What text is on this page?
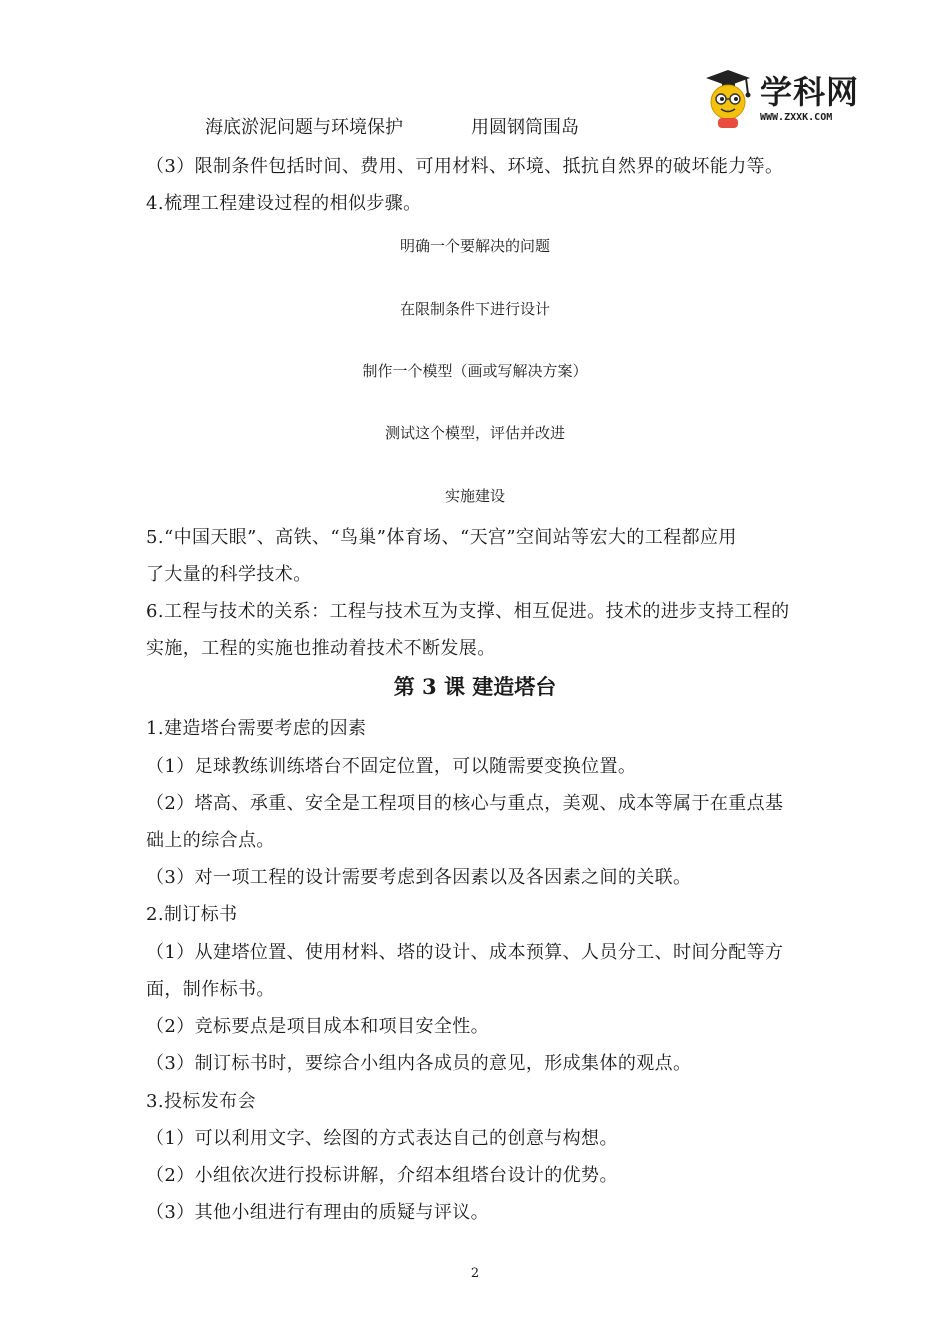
学科网
WWW.ZXXK.COM
海底淤泥问题与环境保护	用圆钢筒围岛
（3）限制条件包括时间、费用、可用材料、环境、抵抗自然界的破坏能力等。
4.梳理工程建设过程的相似步骤。
明确一个要解决的问题
在限制条件下进行设计
制作一个模型（画或写解决方案）
测试这个模型，评估并改进
实施建设
5.“中国天眼”、高铁、“鸟巢”体育场、“天宫”空间站等宏大的工程都应用
了大量的科学技术。
6.工程与技术的关系：工程与技术互为支撑、相互促进。技术的进步支持工程的
实施，工程的实施也推动着技术不断发展。
第 3 课 建造塔台
1.建造塔台需要考虑的因素
（1）足球教练训练塔台不固定位置，可以随需要变换位置。
（2）塔高、承重、安全是工程项目的核心与重点，美观、成本等属于在重点基
础上的综合点。
（3）对一项工程的设计需要考虑到各因素以及各因素之间的关联。
2.制订标书
（1）从建塔位置、使用材料、塔的设计、成本预算、人员分工、时间分配等方
面，制作标书。
（2）竞标要点是项目成本和项目安全性。
（3）制订标书时，要综合小组内各成员的意见，形成集体的观点。
3.投标发布会
（1）可以利用文字、绘图的方式表达自己的创意与构想。
（2）小组依次进行投标讲解，介绍本组塔台设计的优势。
（3）其他小组进行有理由的质疑与评议。
2
